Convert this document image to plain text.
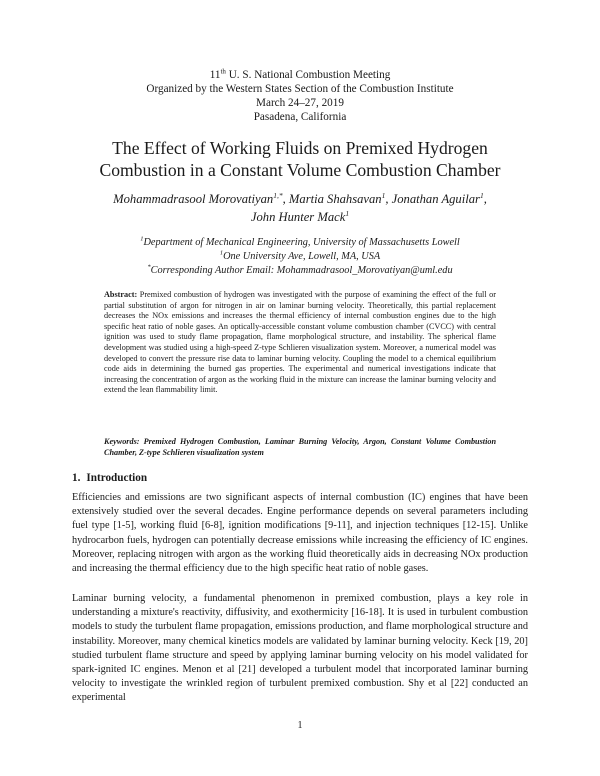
11th U. S. National Combustion Meeting
Organized by the Western States Section of the Combustion Institute
March 24–27, 2019
Pasadena, California
The Effect of Working Fluids on Premixed Hydrogen
Combustion in a Constant Volume Combustion Chamber
Mohammadrasool Morovatiyan$^{1,*}$, Martia Shahsavan$^1$, Jonathan Aguilar$^1$,
John Hunter Mack$^1$
$^1$Department of Mechanical Engineering, University of Massachusetts Lowell
$^1$One University Ave, Lowell, MA, USA
*Corresponding Author Email: Mohammadrasool_Morovatiyan@uml.edu
Abstract: Premixed combustion of hydrogen was investigated with the purpose of examining the effect of the full or partial substitution of argon for nitrogen in air on laminar burning velocity. Theoretically, this partial replacement decreases the NOx emissions and increases the thermal efficiency of internal combustion engines due to the high specific heat ratio of noble gases. An optically-accessible constant volume combustion chamber (CVCC) with central ignition was used to study flame propagation, flame morphological structure, and instability. The spherical flame development was studied using a high-speed Z-type Schlieren visualization system. Moreover, a numerical model was developed to convert the pressure rise data to laminar burning velocity. Coupling the model to a chemical equilibrium code aids in determining the burned gas properties. The experimental and numerical investigations indicate that increasing the concentration of argon as the working fluid in the mixture can increase the laminar burning velocity and extend the lean flammability limit.
Keywords: Premixed Hydrogen Combustion, Laminar Burning Velocity, Argon, Constant Volume Combustion Chamber, Z-type Schlieren visualization system
1. Introduction
Efficiencies and emissions are two significant aspects of internal combustion (IC) engines that have been extensively studied over the several decades. Engine performance depends on several parameters including fuel type [1-5], working fluid [6-8], ignition modifications [9-11], and injection techniques [12-15]. Unlike hydrocarbon fuels, hydrogen can potentially decrease emissions while increasing the efficiency of IC engines. Moreover, replacing nitrogen with argon as the working fluid theoretically aids in decreasing NOx production and increasing the thermal efficiency due to the high specific heat ratio of noble gases.
Laminar burning velocity, a fundamental phenomenon in premixed combustion, plays a key role in understanding a mixture's reactivity, diffusivity, and exothermicity [16-18]. It is used in turbulent combustion models to study the turbulent flame propagation, emissions production, and flame morphological structure and instability. Moreover, many chemical kinetics models are validated by laminar burning velocity. Keck [19, 20] studied turbulent flame structure and speed by applying laminar burning velocity on his model validated for spark-ignited IC engines. Menon et al [21] developed a turbulent model that incorporated laminar burning velocity to investigate the wrinkled region of turbulent premixed combustion. Shy et al [22] conducted an experimental
1
